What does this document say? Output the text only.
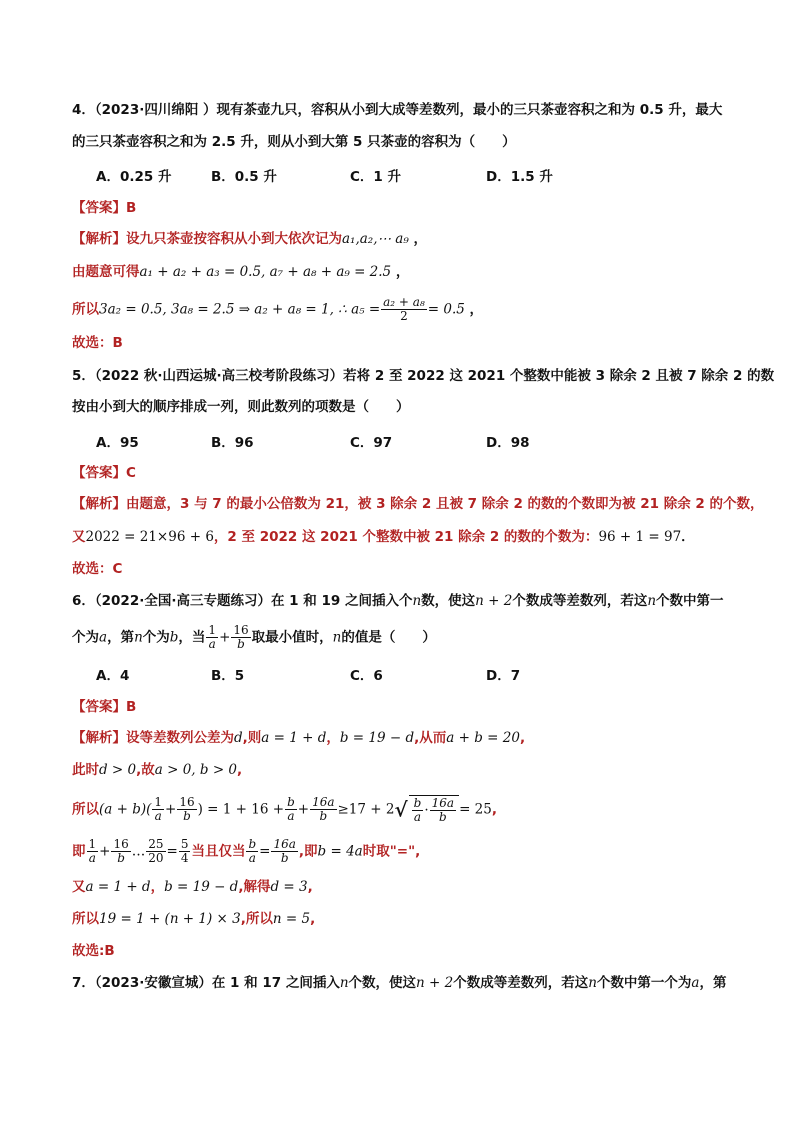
4．（2023·四川绵阳 ）现有茶壶九只，容积从小到大成等差数列，最小的三只茶壶容积之和为 0.5 升，最大
的三只茶壶容积之和为 2.5 升，则从小到大第 5 只茶壶的容积为（　　）
A．0.25 升	B．0.5 升	C．1 升	D．1.5 升
【答案】B
【解析】设九只茶壶按容积从小到大依次记为a₁,a₂,⋯ a₉ ，
由题意可得a₁ + a₂ + a₃ = 0.5, a₇ + a₈ + a₉ = 2.5 ，
所以3a₂ = 0.5, 3a₈ = 2.5 ⇒ a₂ + a₈ = 1, ∴ $a_5 = \frac{\text{a₂ + a₈}}{2} = 0.5$ ，
故选：B
5．（2022 秋·山西运城·高三校考阶段练习）若将 2 至 2022 这 2021 个整数中能被 3 除余 2 且被 7 除余 2 的数
按由小到大的顺序排成一列，则此数列的项数是（　　）
A．95	B．96	C．97	D．98
【答案】C
【解析】由题意，3 与 7 的最小公倍数为 21，被 3 除余 2 且被 7 除余 2 的数的个数即为被 21 除余 2 的个数，
又2022 = 21×96 + 6，2 至 2022 这 2021 个整数中被 21 除余 2 的数的个数为：96 + 1 = 97．
故选：C
6．（2022·全国·高三专题练习）在 1 和 19 之间插入个n数，使这n + 2个数成等差数列，若这n个数中第一
个为a，第n个为b，当 $\frac{1}{a} + \frac{16}{b}$ 取最小值时，n的值是（　　）
A．4	B．5	C．6	D．7
【答案】B
【解析】设等差数列公差为d,则a = 1 + d，b = 19 − d,从而a + b = 20,
此时d > 0,故a > 0, b > 0,
所以$(a + b)( \frac{1}{a} + \frac{16}{b}$ ) = $1 + 16 + \frac{b}{a} + \frac{16a}{b} \ge 17 + 2√ \frac{b}{a} \cdot \frac{16a}{b} = 25$,
即 $\frac{1}{a} + \frac{16}{b}$ … $\frac{25}{20} = \frac{5}{4}$ 当且仅当 $\frac{b}{a} = \frac{16a}{b}$ ,即b = 4a时取"=",
又a = 1 + d，b = 19 − d,解得d = 3,
所以19 = 1 + (n + 1) × 3,所以n = 5,
故选:B
7．（2023·安徽宣城）在 1 和 17 之间插入n个数，使这n + 2个数成等差数列，若这n个数中第一个为a，第
